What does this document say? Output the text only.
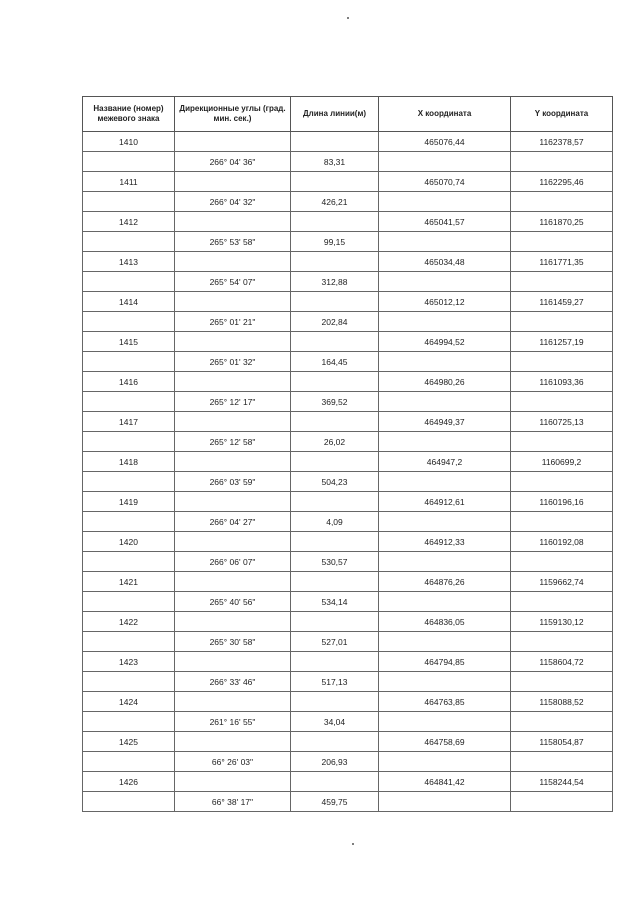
Название (номер) межевого знака	Дирекционные углы (град. мин. сек.)	Длина линии(м)	X координата	Y координата
1410			465076,44	1162378,57
	266° 04' 36"	83,31		
1411			465070,74	1162295,46
	266° 04' 32"	426,21		
1412			465041,57	1161870,25
	265° 53' 58"	99,15		
1413			465034,48	1161771,35
	265° 54' 07"	312,88		
1414			465012,12	1161459,27
	265° 01' 21"	202,84		
1415			464994,52	1161257,19
	265° 01' 32"	164,45		
1416			464980,26	1161093,36
	265° 12' 17"	369,52		
1417			464949,37	1160725,13
	265° 12' 58"	26,02		
1418			464947,2	1160699,2
	266° 03' 59"	504,23		
1419			464912,61	1160196,16
	266° 04' 27"	4,09		
1420			464912,33	1160192,08
	266° 06' 07"	530,57		
1421			464876,26	1159662,74
	265° 40' 56"	534,14		
1422			464836,05	1159130,12
	265° 30' 58"	527,01		
1423			464794,85	1158604,72
	266° 33' 46"	517,13		
1424			464763,85	1158088,52
	261° 16' 55"	34,04		
1425			464758,69	1158054,87
	66° 26' 03"	206,93		
1426			464841,42	1158244,54
	66° 38' 17"	459,75		
